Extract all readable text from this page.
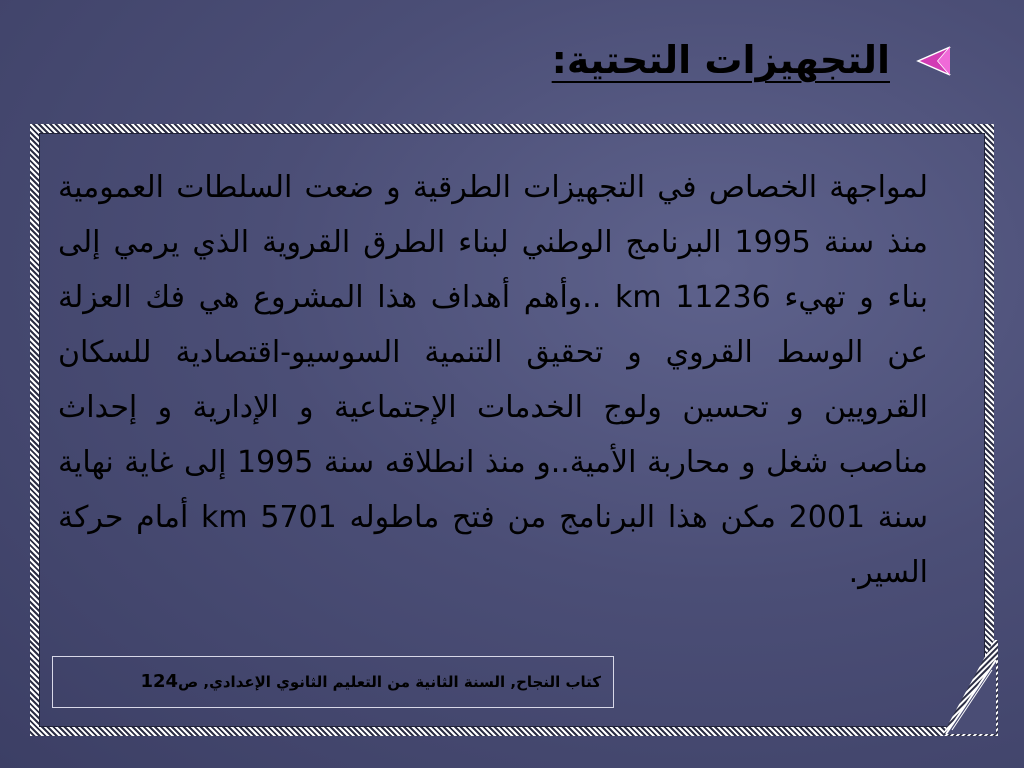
التجهيزات التحتية:

لمواجهة الخصاص في التجهيزات الطرقية و ضعت السلطات العمومية منذ سنة 1995 البرنامج الوطني لبناء الطرق القروية الذي يرمي إلى بناء و تهيء 11236 km ..وأهم أهداف هذا المشروع هي فك العزلة عن الوسط القروي و تحقيق التنمية السوسيو-اقتصادية للسكان القرويين و تحسين ولوج الخدمات الإجتماعية و الإدارية و إحداث مناصب شغل و محاربة الأمية..و منذ انطلاقه سنة 1995 إلى غاية نهاية سنة 2001 مكن هذا البرنامج من فتح ماطوله 5701 km أمام حركة السير.

كتاب النجاح, السنة الثانية من التعليم الثانوي الإعدادي, ص124
